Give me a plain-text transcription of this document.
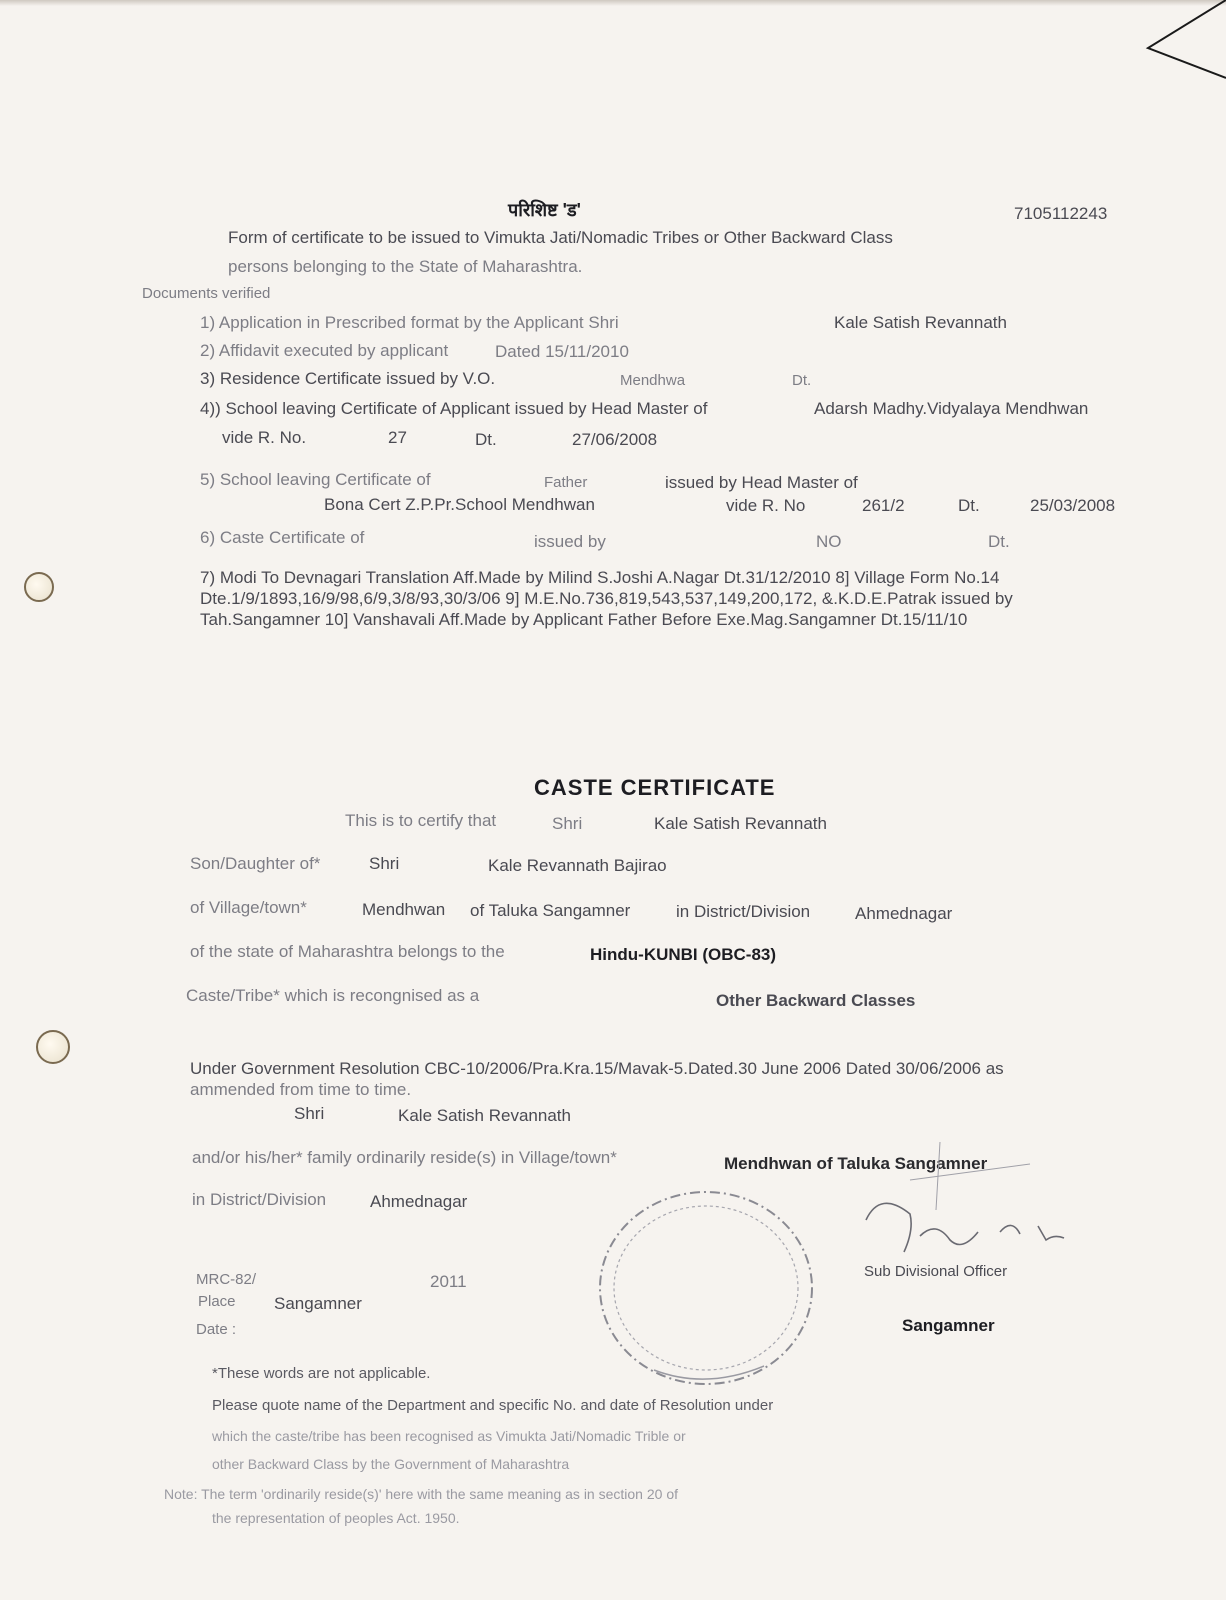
परिशिष्ट 'ड'	7105112243
Form of certificate to be issued to Vimukta Jati/Nomadic Tribes or Other Backward Class
persons belonging to the State of Maharashtra.
Documents verified
1) Application in Prescribed format by the Applicant Shri	Kale Satish Revannath
2) Affidavit executed by applicant	Dated 15/11/2010
3) Residence Certificate issued by V.O.	Mendhwa	Dt.
4)) School leaving Certificate of Applicant issued by Head Master of	Adarsh Madhy.Vidyalaya Mendhwan
vide R. No.	27	Dt.	27/06/2008
5) School leaving Certificate of	Father	issued by Head Master of
Bona Cert Z.P.Pr.School Mendhwan	vide R. No	261/2	Dt.	25/03/2008
6) Caste Certificate of	issued by	NO	Dt.
7) Modi To Devnagari Translation Aff.Made by Milind S.Joshi A.Nagar Dt.31/12/2010 8] Village Form No.14
Dte.1/9/1893,16/9/98,6/9,3/8/93,30/3/06 9] M.E.No.736,819,543,537,149,200,172, &.K.D.E.Patrak issued by
Tah.Sangamner 10] Vanshavali Aff.Made by Applicant Father Before Exe.Mag.Sangamner Dt.15/11/10
CASTE CERTIFICATE
This is to certify that	Shri	Kale Satish Revannath
Son/Daughter of*	Shri	Kale Revannath Bajirao
of Village/town*	Mendhwan of Taluka Sangamner	in District/Division	Ahmednagar
of the state of Maharashtra belongs to the	Hindu-KUNBI (OBC-83)
Caste/Tribe* which is recongnised as a	Other Backward Classes
Under Government Resolution CBC-10/2006/Pra.Kra.15/Mavak-5.Dated.30 June 2006 Dated 30/06/2006 as
ammended from time to time.
Shri	Kale Satish Revannath
and/or his/her* family ordinarily reside(s) in Village/town*	Mendhwan of Taluka Sangamner
in District/Division	Ahmednagar
MRC-82/	2011
Place Sangamner
Date :
Sub Divisional Officer
Sangamner
*These words are not applicable.
Please quote name of the Department and specific No. and date of Resolution under
which the caste/tribe has been recognised as Vimukta Jati/Nomadic Trible or
other Backward Class by the Government of Maharashtra
Note: The term 'ordinarily reside(s)' here with the same meaning as in section 20 of
the representation of peoples Act. 1950.
